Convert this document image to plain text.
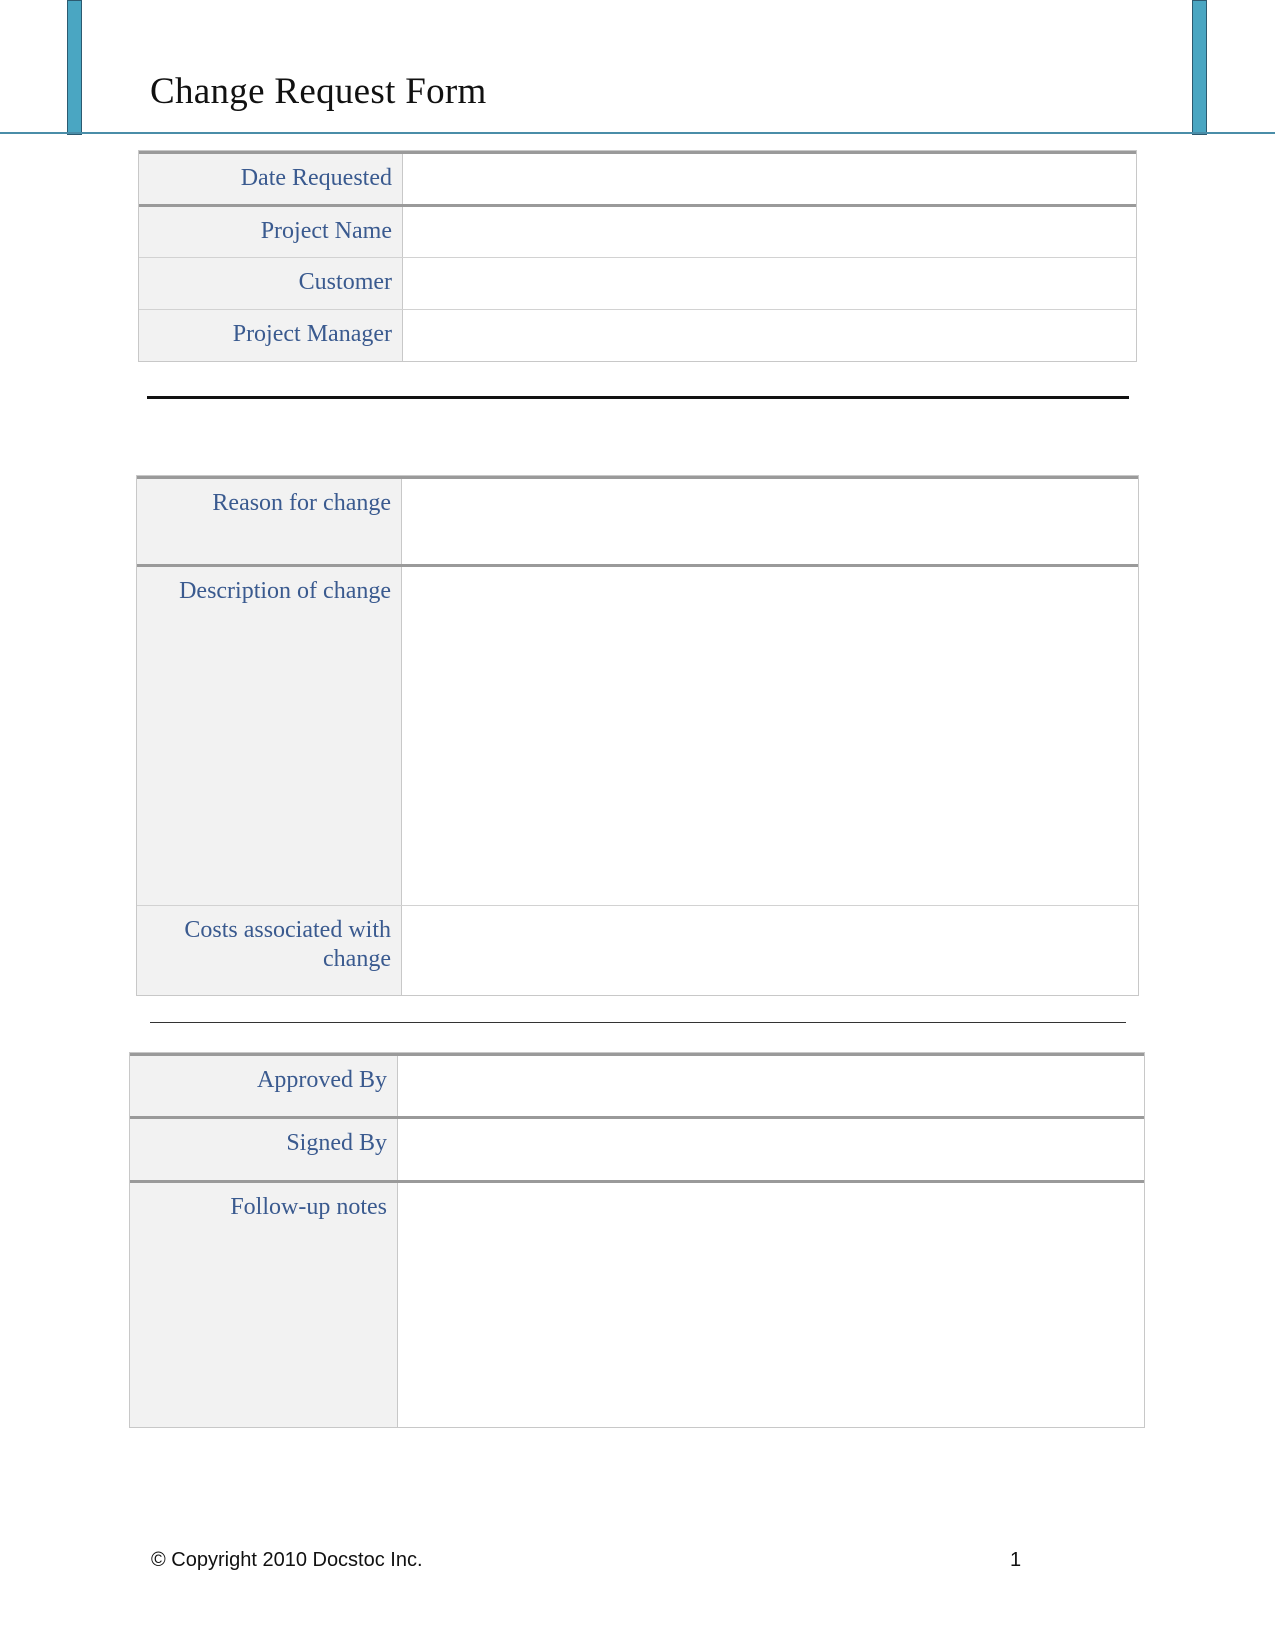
Change Request Form
Date Requested
Project Name
Customer
Project Manager
Reason for change
Description of change
Costs associated with change
Approved By
Signed By
Follow-up notes
© Copyright 2010 Docstoc Inc.	1
